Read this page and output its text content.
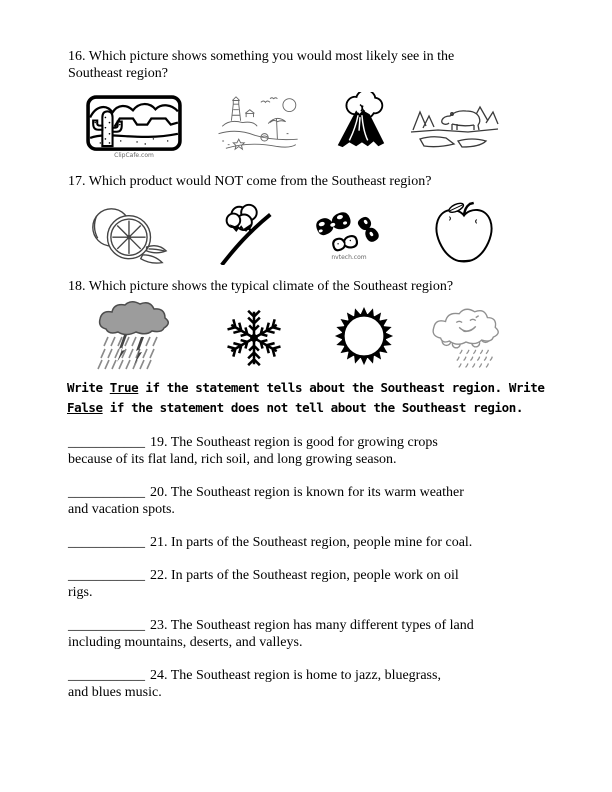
16. Which picture shows something you would most likely see in the
Southeast region?

ClipCafe.com

17. Which product would NOT come from the Southeast region?

nvtech.com

18. Which picture shows the typical climate of the Southeast region?

Write True if the statement tells about the Southeast region. Write
False if the statement does not tell about the Southeast region.

___________ 19. The Southeast region is good for growing crops
because of its flat land, rich soil, and long growing season.

___________ 20. The Southeast region is known for its warm weather
and vacation spots.

___________ 21. In parts of the Southeast region, people mine for coal.

___________ 22. In parts of the Southeast region, people work on oil
rigs.

___________ 23. The Southeast region has many different types of land
including mountains, deserts, and valleys.

___________ 24. The Southeast region is home to jazz, bluegrass,
and blues music.
